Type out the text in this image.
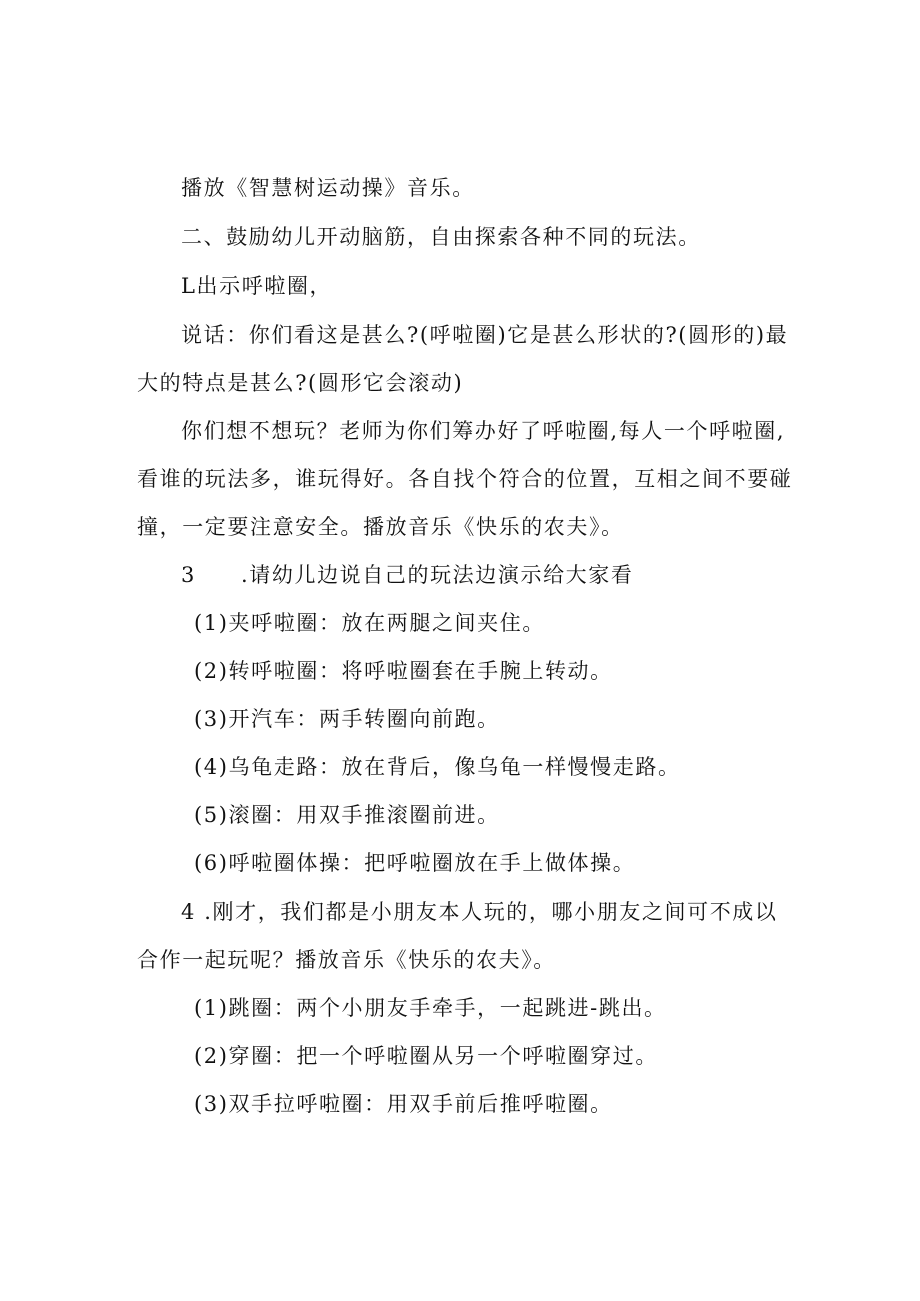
播放《智慧树运动操》音乐。
二、鼓励幼儿开动脑筋，自由探索各种不同的玩法。
L出示呼啦圈，
说话：你们看这是甚么?(呼啦圈)它是甚么形状的?(圆形的)最
大的特点是甚么?(圆形它会滚动)
你们想不想玩？老师为你们筹办好了呼啦圈,每人一个呼啦圈,
看谁的玩法多，谁玩得好。各自找个符合的位置，互相之间不要碰
撞，一定要注意安全。播放音乐《快乐的农夫》。
3 .请幼儿边说自己的玩法边演示给大家看
(1)夹呼啦圈：放在两腿之间夹住。
(2)转呼啦圈：将呼啦圈套在手腕上转动。
(3)开汽车：两手转圈向前跑。
(4)乌龟走路：放在背后，像乌龟一样慢慢走路。
(5)滚圈：用双手推滚圈前进。
(6)呼啦圈体操：把呼啦圈放在手上做体操。
4 .刚才，我们都是小朋友本人玩的，哪小朋友之间可不成以
合作一起玩呢？播放音乐《快乐的农夫》。
(1)跳圈：两个小朋友手牵手，一起跳进-跳出。
(2)穿圈：把一个呼啦圈从另一个呼啦圈穿过。
(3)双手拉呼啦圈：用双手前后推呼啦圈。
